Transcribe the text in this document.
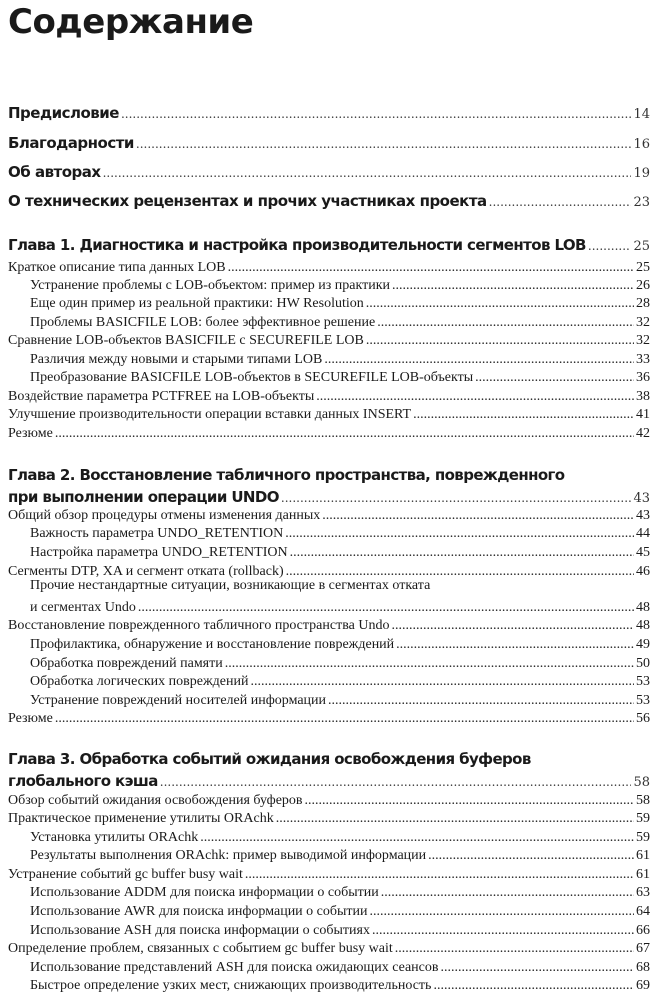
Содержание
Предисловие .....	14
Благодарности .....	16
Об авторах .....	19
О технических рецензентах и прочих участниках проекта .....	23
Глава 1. Диагностика и настройка производительности сегментов LOB .....	25
Краткое описание типа данных LOB .....	25
Устранение проблемы с LOB-объектом: пример из практики .....	26
Еще один пример из реальной практики: HW Resolution .....	28
Проблемы BASICFILE LOB: более эффективное решение .....	32
Сравнение LOB-объектов BASICFILE с SECUREFILE LOB .....	32
Различия между новыми и старыми типами LOB .....	33
Преобразование BASICFILE LOB-объектов в SECUREFILE LOB-объекты .....	36
Воздействие параметра PCTFREE на LOB-объекты .....	38
Улучшение производительности операции вставки данных INSERT .....	41
Резюме .....	42
Глава 2. Восстановление табличного пространства, поврежденного
при выполнении операции UNDO .....	43
Общий обзор процедуры отмены изменения данных .....	43
Важность параметра UNDO_RETENTION .....	44
Настройка параметра UNDO_RETENTION .....	45
Сегменты DTP, XA и сегмент отката (rollback) .....	46
Прочие нестандартные ситуации, возникающие в сегментах отката
и сегментах Undo .....	48
Восстановление поврежденного табличного пространства Undo .....	48
Профилактика, обнаружение и восстановление повреждений .....	49
Обработка повреждений памяти .....	50
Обработка логических повреждений .....	53
Устранение повреждений носителей информации .....	53
Резюме .....	56
Глава 3. Обработка событий ожидания освобождения буферов
глобального кэша .....	58
Обзор событий ожидания освобождения буферов .....	58
Практическое применение утилиты ORAchk .....	59
Установка утилиты ORAchk .....	59
Результаты выполнения ORAchk: пример выводимой информации .....	61
Устранение событий gc buffer busy wait .....	61
Использование ADDM для поиска информации о событии .....	63
Использование AWR для поиска информации о событии .....	64
Использование ASH для поиска информации о событиях .....	66
Определение проблем, связанных с событием gc buffer busy wait .....	67
Использование представлений ASH для поиска ожидающих сеансов .....	68
Быстрое определение узких мест, снижающих производительность .....	69
